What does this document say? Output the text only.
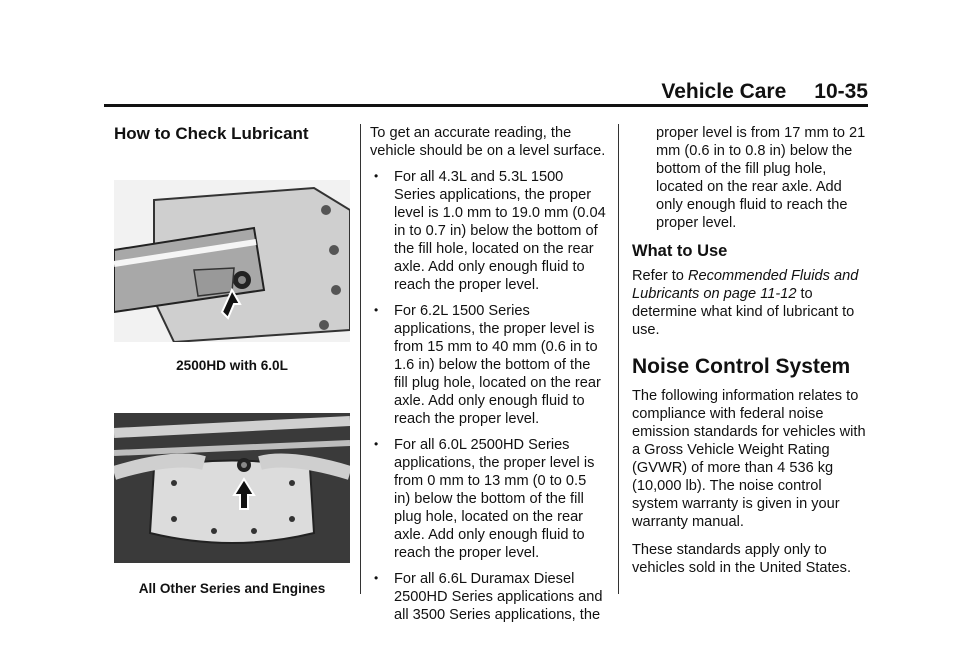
Vehicle Care 10-35
How to Check Lubricant
2500HD with 6.0L
All Other Series and Engines

To get an accurate reading, the vehicle should be on a level surface.

• For all 4.3L and 5.3L 1500 Series applications, the proper level is 1.0 mm to 19.0 mm (0.04 in to 0.7 in) below the bottom of the fill hole, located on the rear axle. Add only enough fluid to reach the proper level.
• For 6.2L 1500 Series applications, the proper level is from 15 mm to 40 mm (0.6 in to 1.6 in) below the bottom of the fill plug hole, located on the rear axle. Add only enough fluid to reach the proper level.
• For all 6.0L 2500HD Series applications, the proper level is from 0 mm to 13 mm (0 to 0.5 in) below the bottom of the fill plug hole, located on the rear axle. Add only enough fluid to reach the proper level.
• For all 6.6L Duramax Diesel 2500HD Series applications and all 3500 Series applications, the

proper level is from 17 mm to 21 mm (0.6 in to 0.8 in) below the bottom of the fill plug hole, located on the rear axle. Add only enough fluid to reach the proper level.

What to Use

Refer to Recommended Fluids and Lubricants on page 11-12 to determine what kind of lubricant to use.

Noise Control System

The following information relates to compliance with federal noise emission standards for vehicles with a Gross Vehicle Weight Rating (GVWR) of more than 4 536 kg (10,000 lb). The noise control system warranty is given in your warranty manual.

These standards apply only to vehicles sold in the United States.
